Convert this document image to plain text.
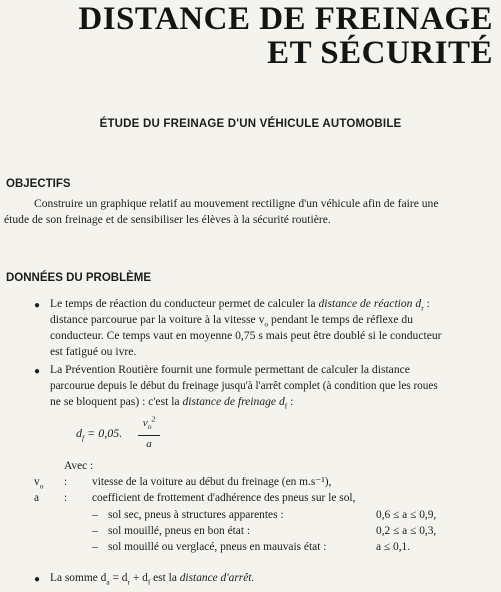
DISTANCE DE FREINAGE
ET SÉCURITÉ
ÉTUDE DU FREINAGE D'UN VÉHICULE AUTOMOBILE
OBJECTIFS
Construire un graphique relatif au mouvement rectiligne d'un véhicule afin de faire une
étude de son freinage et de sensibiliser les élèves à la sécurité routière.
DONNÉES DU PROBLÈME
● Le temps de réaction du conducteur permet de calculer la distance de réaction $d_r$ :
distance parcourue par la voiture à la vitesse $v_o$ pendant le temps de réflexe du
conducteur. Ce temps vaut en moyenne 0,75 s mais peut être doublé si le conducteur
est fatigué ou ivre.
● La Prévention Routière fournit une formule permettant de calculer la distance
parcourue depuis le début du freinage jusqu'à l'arrêt complet (à condition que les roues
ne se bloquent pas) : c'est la distance de freinage $d_f$ :
$d_f = 0,05$.
$v_o^2$
a
Avec :
$v_o$ : vitesse de la voiture au début du freinage (en m.s⁻¹),
a : coefficient de frottement d'adhérence des pneus sur le sol,
– sol sec, pneus à structures apparentes :	0,6 ≤ a ≤ 0,9,
– sol mouillé, pneus en bon état :	0,2 ≤ a ≤ 0,3,
– sol mouillé ou verglacé, pneus en mauvais état :	a ≤ 0,1.
● La somme $d_a = d_r + d_f$ est la distance d'arrêt.
